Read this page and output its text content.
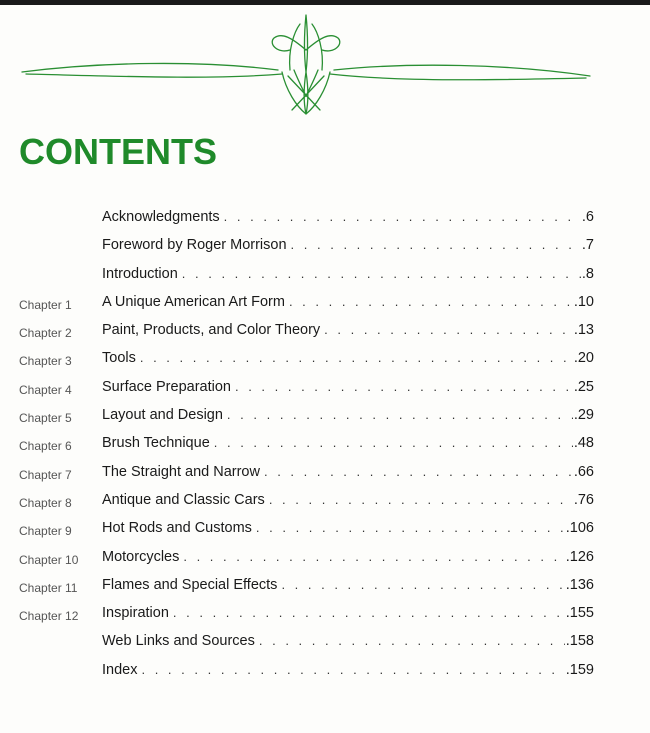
CONTENTS
Acknowledgments . . .	.6
Foreword by Roger Morrison . . .	.7
Introduction . . .	.8
Chapter 1 A Unique American Art Form . . .	.10
Chapter 2 Paint, Products, and Color Theory . . .	.13
Chapter 3 Tools . . .	.20
Chapter 4 Surface Preparation . . .	.25
Chapter 5 Layout and Design . . .	.29
Chapter 6 Brush Technique . . .	.48
Chapter 7 The Straight and Narrow . . .	.66
Chapter 8 Antique and Classic Cars . . .	.76
Chapter 9 Hot Rods and Customs . . .	.106
Chapter 10 Motorcycles . . .	.126
Chapter 11 Flames and Special Effects . . .	.136
Chapter 12 Inspiration . . .	.155
Web Links and Sources . . .	.158
Index . . .	.159
